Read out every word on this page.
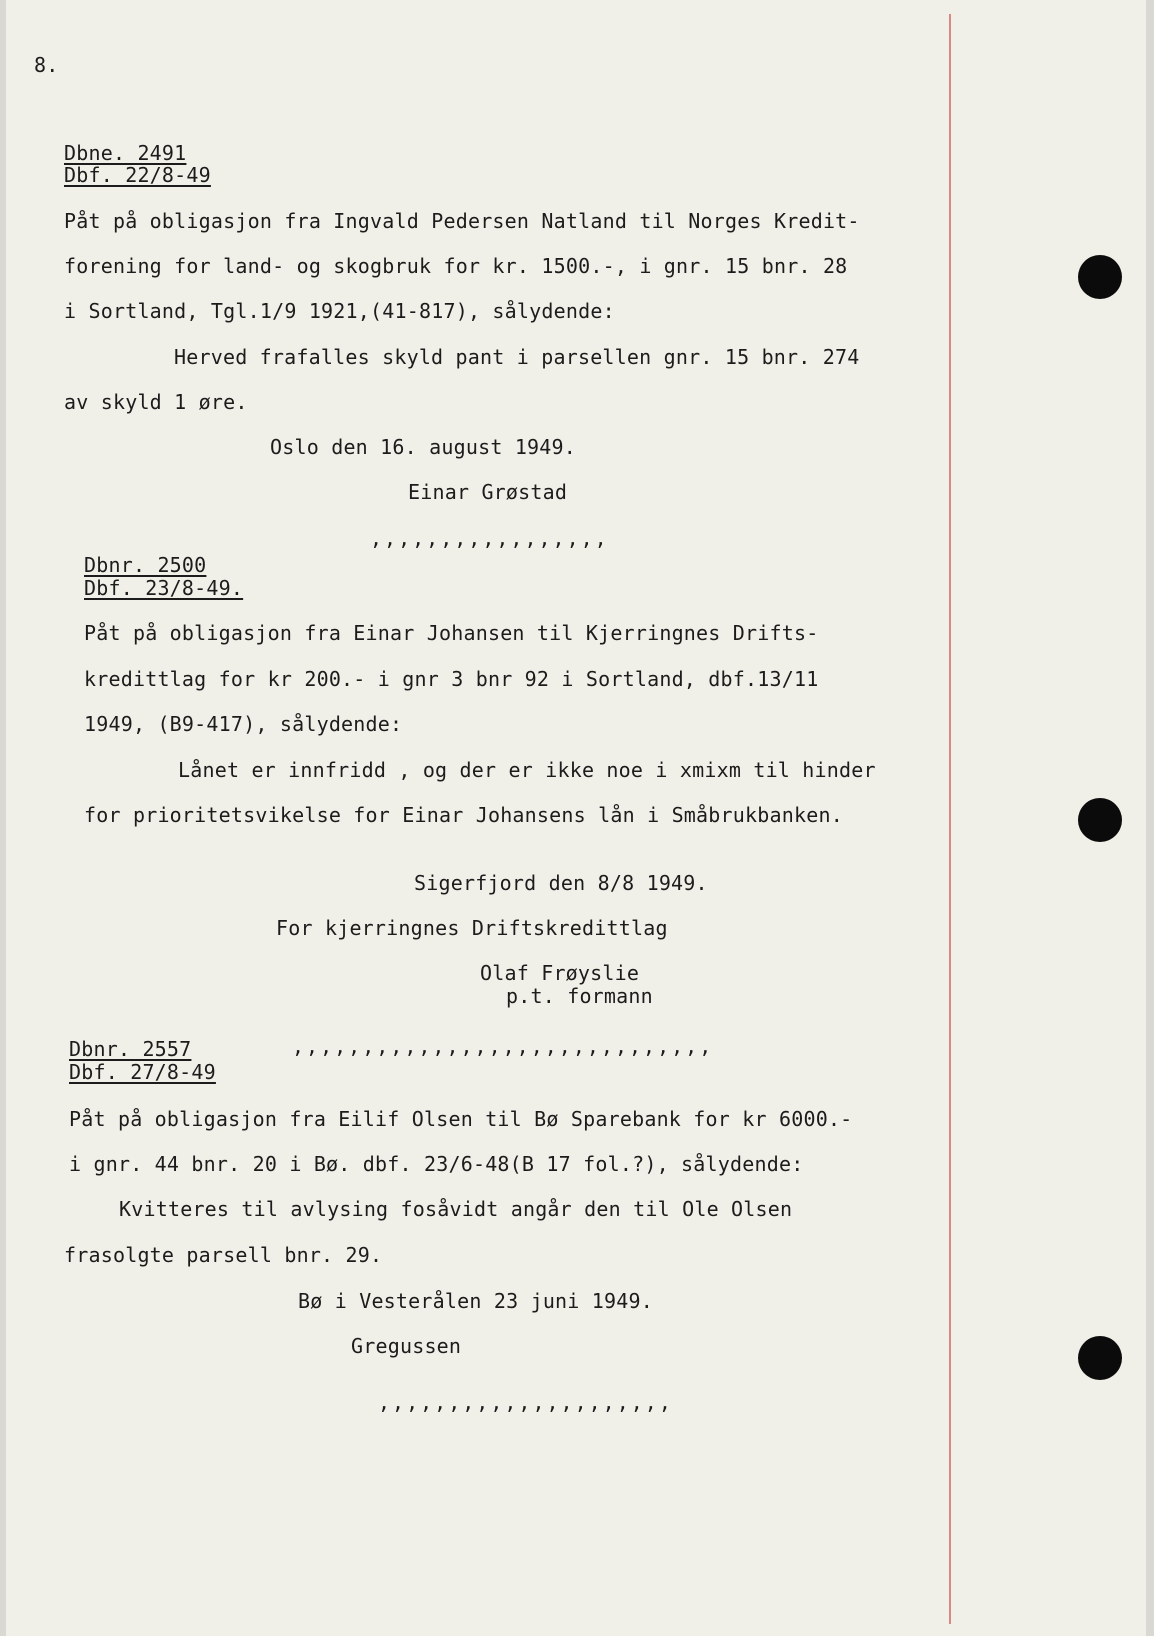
8.
Dbne. 2491
Dbf. 22/8-49
Påt på obligasjon fra Ingvald Pedersen Natland til Norges Kredit-
forening for land- og skogbruk for kr. 1500.-, i gnr. 15 bnr. 28
i Sortland, Tgl.1/9 1921,(41-817), sålydende:
Herved frafalles skyld pant i parsellen gnr. 15 bnr. 274
av skyld 1 øre.
Oslo den 16. august 1949.
Einar Grøstad
,,,,,,,,,,,,,,,,,
Dbnr. 2500
Dbf. 23/8-49.
Påt på obligasjon fra Einar Johansen til Kjerringnes Drifts-
kredittlag for kr 200.- i gnr 3 bnr 92 i Sortland, dbf.13/11
1949, (B9-417), sålydende:
Lånet er innfridd , og der er ikke noe i xmixm til hinder
for prioritetsvikelse for Einar Johansens lån i Småbrukbanken.
Sigerfjord den 8/8 1949.
For kjerringnes Driftskredittlag
Olaf Frøyslie
p.t. formann
Dbnr. 2557	,,,,,,,,,,,,,,,,,,,,,,,,,,,,,,
Dbf. 27/8-49
Påt på obligasjon fra Eilif Olsen til Bø Sparebank for kr 6000.-
i gnr. 44 bnr. 20 i Bø. dbf. 23/6-48(B 17 fol.?), sålydende:
Kvitteres til avlysing fosåvidt angår den til Ole Olsen
frasolgte parsell bnr. 29.
Bø i Vesterålen 23 juni 1949.
Gregussen
,,,,,,,,,,,,,,,,,,,,,
